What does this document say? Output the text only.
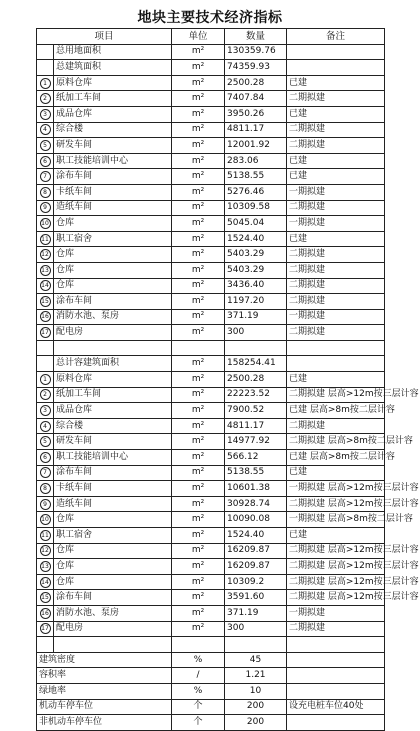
地块主要技术经济指标
项目		单位	数量	备注
	总用地面积	m²	130359.76	
	总建筑面积	m²	74359.93	
1	原料仓库	m²	2500.28	已建
2	纸加工车间	m²	7407.84	二期拟建
3	成品仓库	m²	3950.26	已建
4	综合楼	m²	4811.17	二期拟建
5	研发车间	m²	12001.92	二期拟建
6	职工技能培训中心	m²	283.06	已建
7	涂布车间	m²	5138.55	已建
8	卡纸车间	m²	5276.46	一期拟建
9	造纸车间	m²	10309.58	二期拟建
10	仓库	m²	5045.04	一期拟建
11	职工宿舍	m²	1524.40	已建
12	仓库	m²	5403.29	二期拟建
13	仓库	m²	5403.29	二期拟建
14	仓库	m²	3436.40	二期拟建
15	涂布车间	m²	1197.20	二期拟建
16	消防水池、泵房	m²	371.19	一期拟建
17	配电房	m²	300	二期拟建

	总计容建筑面积	m²	158254.41	
1	原料仓库	m²	2500.28	已建
2	纸加工车间	m²	22223.52	二期拟建 层高>12m按三层计容
3	成品仓库	m²	7900.52	已建 层高>8m按二层计容
4	综合楼	m²	4811.17	二期拟建
5	研发车间	m²	14977.92	二期拟建 层高>8m按二层计容
6	职工技能培训中心	m²	566.12	已建 层高>8m按二层计容
7	涂布车间	m²	5138.55	已建
8	卡纸车间	m²	10601.38	一期拟建 层高>12m按三层计容
9	造纸车间	m²	30928.74	二期拟建 层高>12m按三层计容
10	仓库	m²	10090.08	一期拟建 层高>8m按二层计容
11	职工宿舍	m²	1524.40	已建
12	仓库	m²	16209.87	二期拟建 层高>12m按三层计容
13	仓库	m²	16209.87	二期拟建 层高>12m按三层计容
14	仓库	m²	10309.2	二期拟建 层高>12m按三层计容
15	涂布车间	m²	3591.60	二期拟建 层高>12m按三层计容
16	消防水池、泵房	m²	371.19	一期拟建
17	配电房	m²	300	二期拟建

建筑密度		%	45	
容积率		/	1.21	
绿地率		%	10	
机动车停车位		个	200	设充电桩车位40处
非机动车停车位		个	200	
